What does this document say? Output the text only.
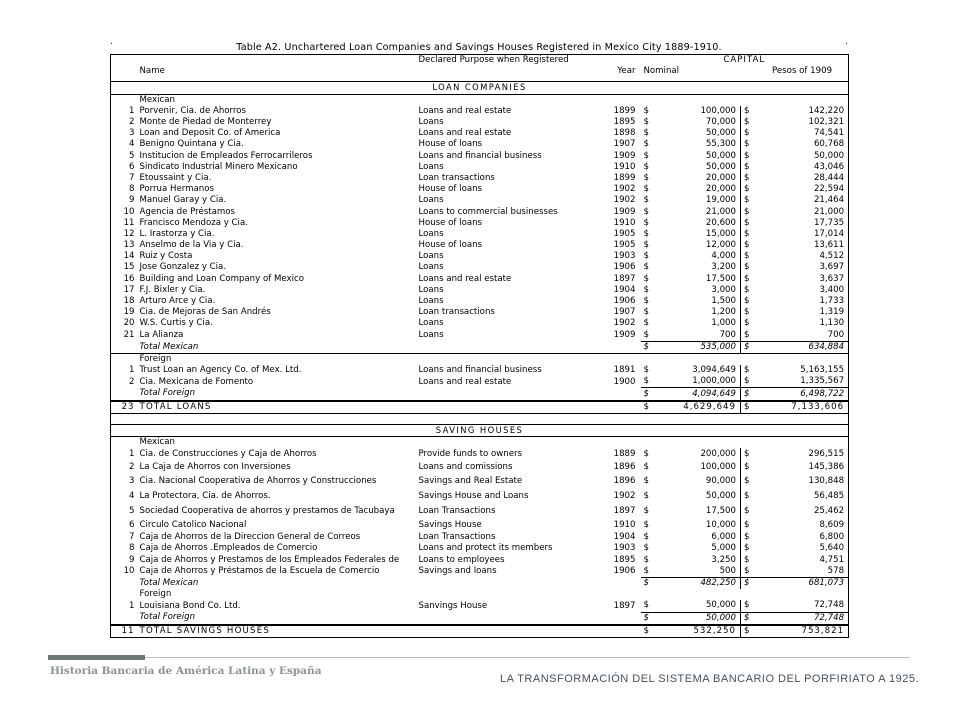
.	.
Table A2. Unchartered Loan Companies and Savings Houses Registered in Mexico City 1889-1910.
	Name	Declared Purpose when Registered		CAPITAL			
			Year	Nominal		Pesos of 1909	

LOAN COMPANIES							
	Mexican						
1	Porvenir, Cia. de Ahorros	Loans and real estate	1899	$	100,000	$	142,220
2	Monte de Piedad de Monterrey	Loans	1895	$	70,000	$	102,321
3	Loan and Deposit Co. of America	Loans and real estate	1898	$	50,000	$	74,541
4	Benigno Quintana y Cia.	House of loans	1907	$	55,300	$	60,768
5	Institucion de Empleados Ferrocarrileros	Loans and financial business	1909	$	50,000	$	50,000
6	Sindicato Industrial Minero Mexicano	Loans	1910	$	50,000	$	43,046
7	Etoussaint y Cia.	Loan transactions	1899	$	20,000	$	28,444
8	Porrua Hermanos	House of loans	1902	$	20,000	$	22,594
9	Manuel Garay y Cia.	Loans	1902	$	19,000	$	21,464
10	Agencia de Préstamos	Loans to commercial businesses	1909	$	21,000	$	21,000
11	Francisco Mendoza y Cia.	House of loans	1910	$	20,600	$	17,735
12	L. Irastorza y Cia.	Loans	1905	$	15,000	$	17,014
13	Anselmo de la Via y Cia.	House of loans	1905	$	12,000	$	13,611
14	Ruiz y Costa	Loans	1903	$	4,000	$	4,512
15	Jose Gonzalez y Cia.	Loans	1906	$	3,200	$	3,697
16	Building and Loan Company of Mexico	Loans and real estate	1897	$	17,500	$	3,637
17	F.J. Bixler y Cia.	Loans	1904	$	3,000	$	3,400
18	Arturo Arce y Cia.	Loans	1906	$	1,500	$	1,733
19	Cia. de Mejoras de San Andrés	Loan transactions	1907	$	1,200	$	1,319
20	W.S. Curtis y Cia.	Loans	1902	$	1,000	$	1,130
21	La Alianza	Loans	1909	$	700	$	700
	Total Mexican			$	535,000	$	634,884
	Foreign						
1	Trust Loan an Agency Co. of Mex. Ltd.	Loans and financial business	1891	$	3,094,649	$	5,163,155
2	Cia. Mexicana de Fomento	Loans and real estate	1900	$	1,000,000	$	1,335,567
	Total Foreign			$	4,094,649	$	6,498,722
23	TOTAL LOANS			$	4,629,649	$	7,133,606

SAVING HOUSES							
	Mexican						
1	Cia. de Construcciones y Caja de Ahorros	Provide funds to owners	1889	$	200,000	$	296,515
2	La Caja de Ahorros con Inversiones	Loans and comissions	1896	$	100,000	$	145,386
3	Cia. Nacional Cooperativa de Ahorros y Construcciones	Savings and Real Estate	1896	$	90,000	$	130,848
4	La Protectora, Cia. de Ahorros.	Savings House and Loans	1902	$	50,000	$	56,485
5	Sociedad Cooperativa de ahorros y prestamos de Tacubaya	Loan Transactions	1897	$	17,500	$	25,462
6	Circulo Catolico Nacional	Savings House	1910	$	10,000	$	8,609
7	Caja de Ahorros de la Direccion General de Correos	Loan Transactions	1904	$	6,000	$	6,800
8	Caja de Ahorros .Empleados de Comercio	Loans and protect its members	1903	$	5,000	$	5,640
9	Caja de Ahorros y Prestamos de los Empleados Federales de	Loans to employees	1895	$	3,250	$	4,751
10	Caja de Ahorros y Préstamos de la Escuela de Comercio	Savings and loans	1906	$	500	$	578
	Total Mexican			$	482,250	$	681,073
	Foreign						
1	Louisiana Bond Co. Ltd.	Sanvings House	1897	$	50,000	$	72,748
	Total Foreign			$	50,000	$	72,748
11	TOTAL SAVINGS HOUSES			$	532,250	$	753,821
Historia Bancaria de América Latina y España
LA TRANSFORMACIÓN DEL SISTEMA BANCARIO DEL PORFIRIATO A 1925.
